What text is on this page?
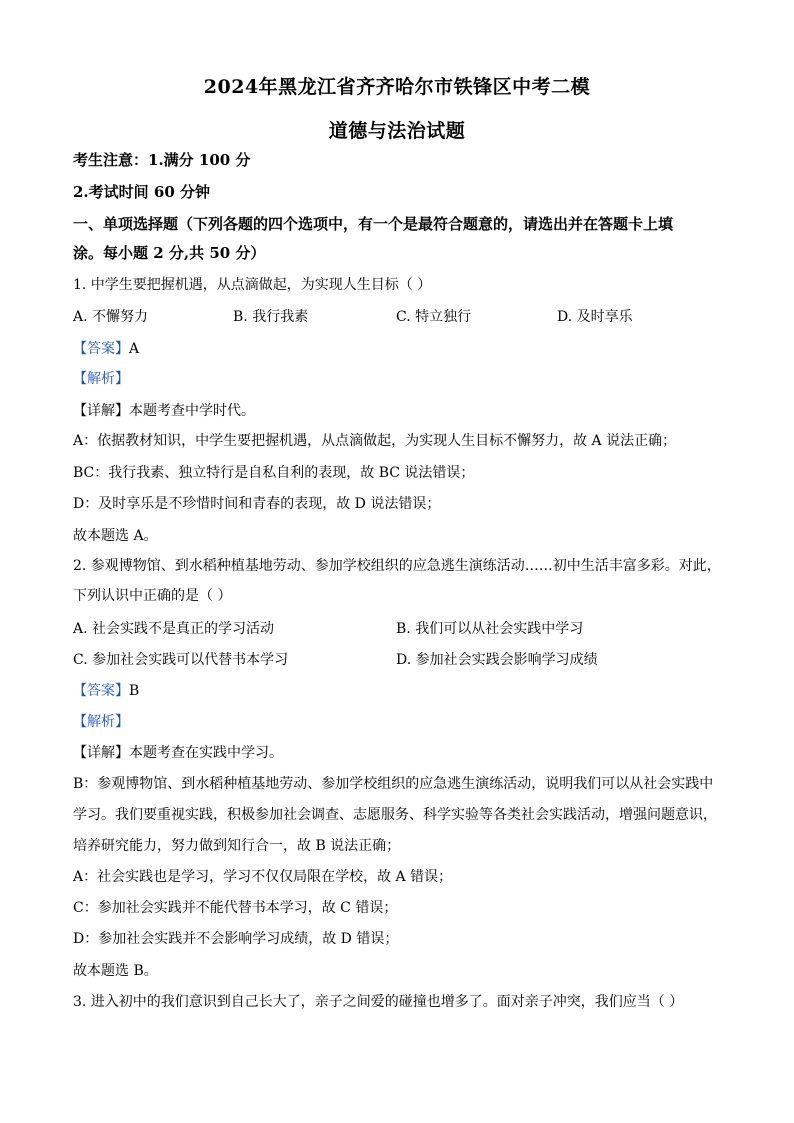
2024年黑龙江省齐齐哈尔市铁锋区中考二模
道德与法治试题
考生注意：1.满分 100 分
2.考试时间 60 分钟
一、单项选择题（下列各题的四个选项中，有一个是最符合题意的，请选出并在答题卡上填
涂。每小题 2 分,共 50 分）
1. 中学生要把握机遇，从点滴做起，为实现人生目标（ ）
A. 不懈努力	B. 我行我素	C. 特立独行	D. 及时享乐
【答案】A
【解析】
【详解】本题考查中学时代。
A：依据教材知识，中学生要把握机遇，从点滴做起，为实现人生目标不懈努力，故 A 说法正确；
BC：我行我素、独立特行是自私自利的表现，故 BC 说法错误；
D：及时享乐是不珍惜时间和青春的表现，故 D 说法错误；
故本题选 A。
2. 参观博物馆、到水稻种植基地劳动、参加学校组织的应急逃生演练活动……初中生活丰富多彩。对此，
下列认识中正确的是（ ）
A. 社会实践不是真正的学习活动	B. 我们可以从社会实践中学习
C. 参加社会实践可以代替书本学习	D. 参加社会实践会影响学习成绩
【答案】B
【解析】
【详解】本题考查在实践中学习。
B：参观博物馆、到水稻种植基地劳动、参加学校组织的应急逃生演练活动，说明我们可以从社会实践中
学习。我们要重视实践，积极参加社会调查、志愿服务、科学实验等各类社会实践活动，增强问题意识，
培养研究能力，努力做到知行合一，故 B 说法正确；
A：社会实践也是学习，学习不仅仅局限在学校，故 A 错误；
C：参加社会实践并不能代替书本学习，故 C 错误；
D：参加社会实践并不会影响学习成绩，故 D 错误；
故本题选 B。
3. 进入初中的我们意识到自己长大了，亲子之间爱的碰撞也增多了。面对亲子冲突，我们应当（ ）
